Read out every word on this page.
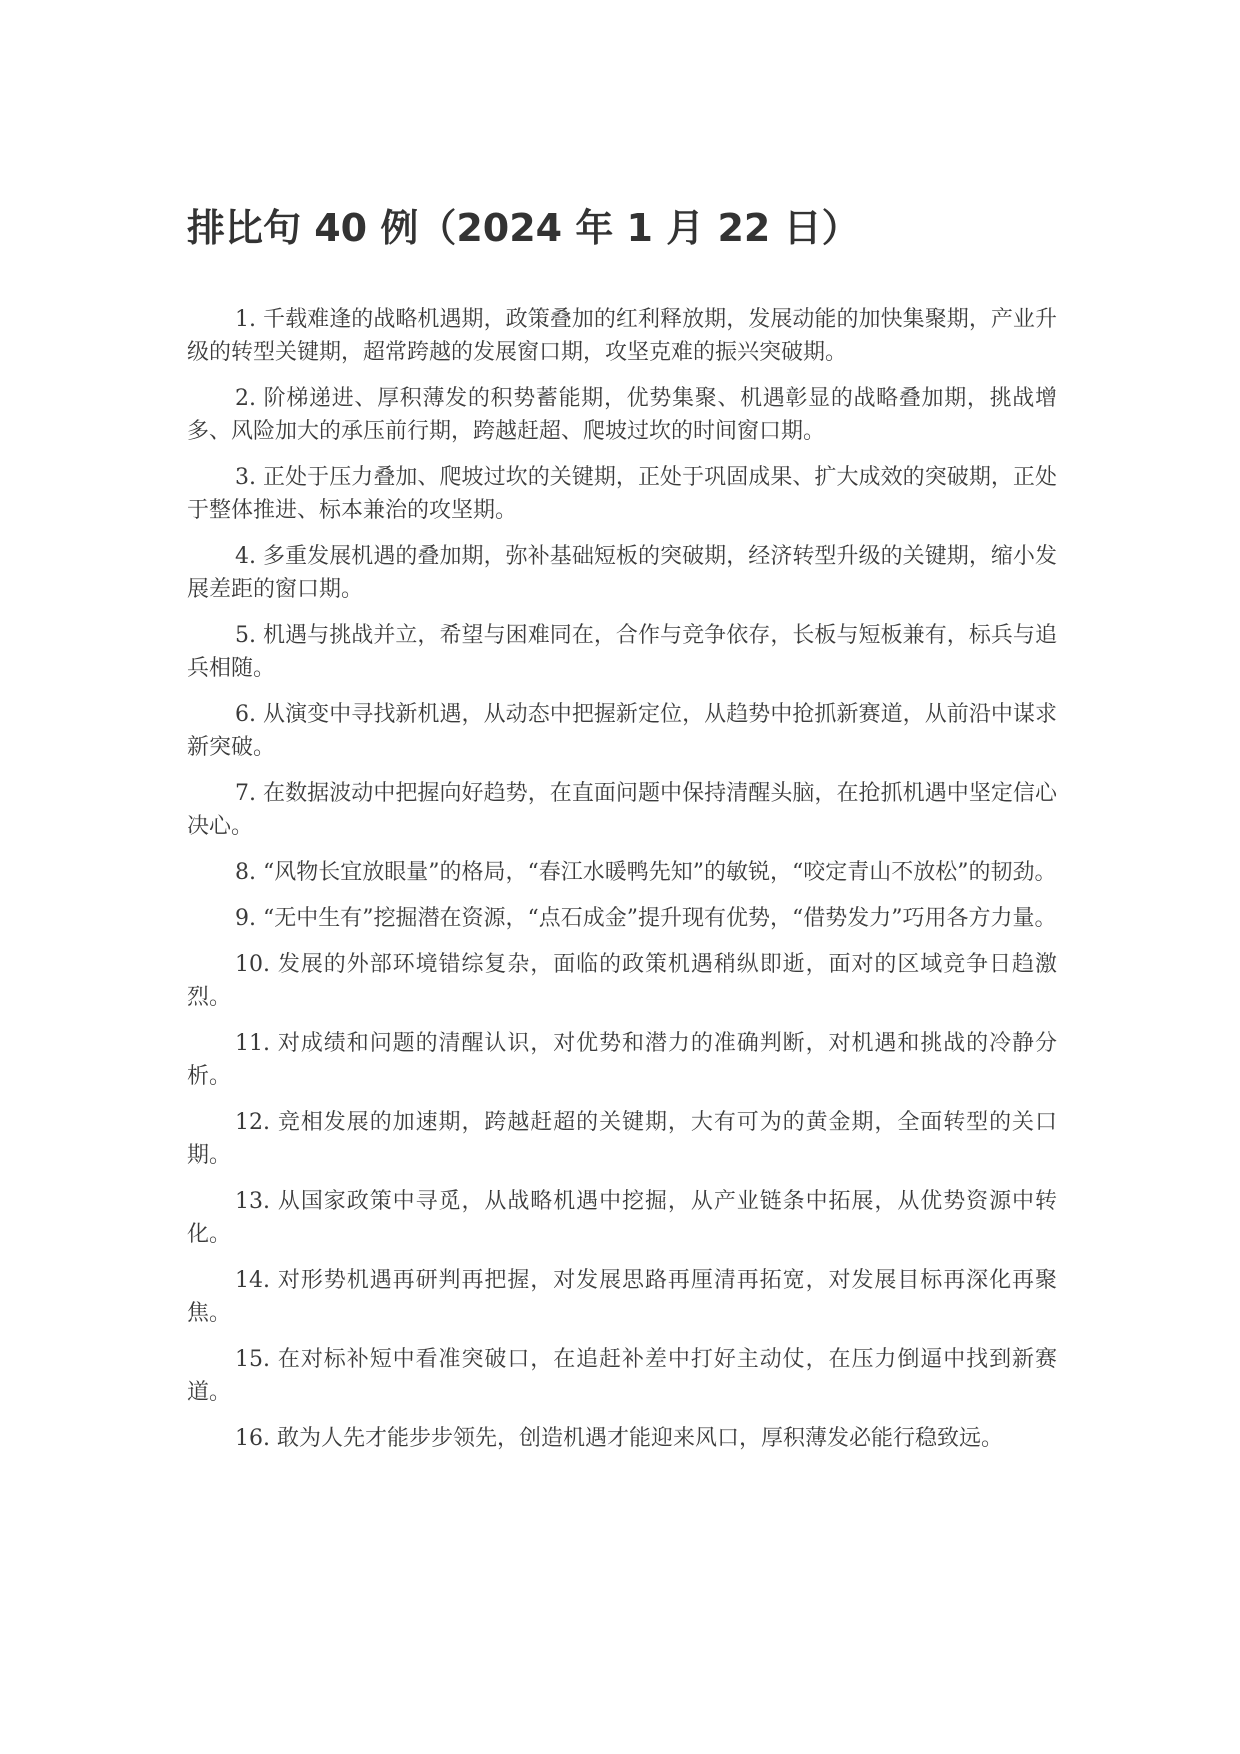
排比句 40 例（2024 年 1 月 22 日）

1. 千载难逢的战略机遇期，政策叠加的红利释放期，发展动能的加快集聚期，产业升级的转型关键期，超常跨越的发展窗口期，攻坚克难的振兴突破期。

2. 阶梯递进、厚积薄发的积势蓄能期，优势集聚、机遇彰显的战略叠加期，挑战增多、风险加大的承压前行期，跨越赶超、爬坡过坎的时间窗口期。

3. 正处于压力叠加、爬坡过坎的关键期，正处于巩固成果、扩大成效的突破期，正处于整体推进、标本兼治的攻坚期。

4. 多重发展机遇的叠加期，弥补基础短板的突破期，经济转型升级的关键期，缩小发展差距的窗口期。

5. 机遇与挑战并立，希望与困难同在，合作与竞争依存，长板与短板兼有，标兵与追兵相随。

6. 从演变中寻找新机遇，从动态中把握新定位，从趋势中抢抓新赛道，从前沿中谋求新突破。

7. 在数据波动中把握向好趋势，在直面问题中保持清醒头脑，在抢抓机遇中坚定信心决心。

8. “风物长宜放眼量”的格局，“春江水暖鸭先知”的敏锐，“咬定青山不放松”的韧劲。

9. “无中生有”挖掘潜在资源，“点石成金”提升现有优势，“借势发力”巧用各方力量。

10. 发展的外部环境错综复杂，面临的政策机遇稍纵即逝，面对的区域竞争日趋激烈。

11. 对成绩和问题的清醒认识，对优势和潜力的准确判断，对机遇和挑战的冷静分析。

12. 竞相发展的加速期，跨越赶超的关键期，大有可为的黄金期，全面转型的关口期。

13. 从国家政策中寻觅，从战略机遇中挖掘，从产业链条中拓展，从优势资源中转化。

14. 对形势机遇再研判再把握，对发展思路再厘清再拓宽，对发展目标再深化再聚焦。

15. 在对标补短中看准突破口，在追赶补差中打好主动仗，在压力倒逼中找到新赛道。

16. 敢为人先才能步步领先，创造机遇才能迎来风口，厚积薄发必能行稳致远。
